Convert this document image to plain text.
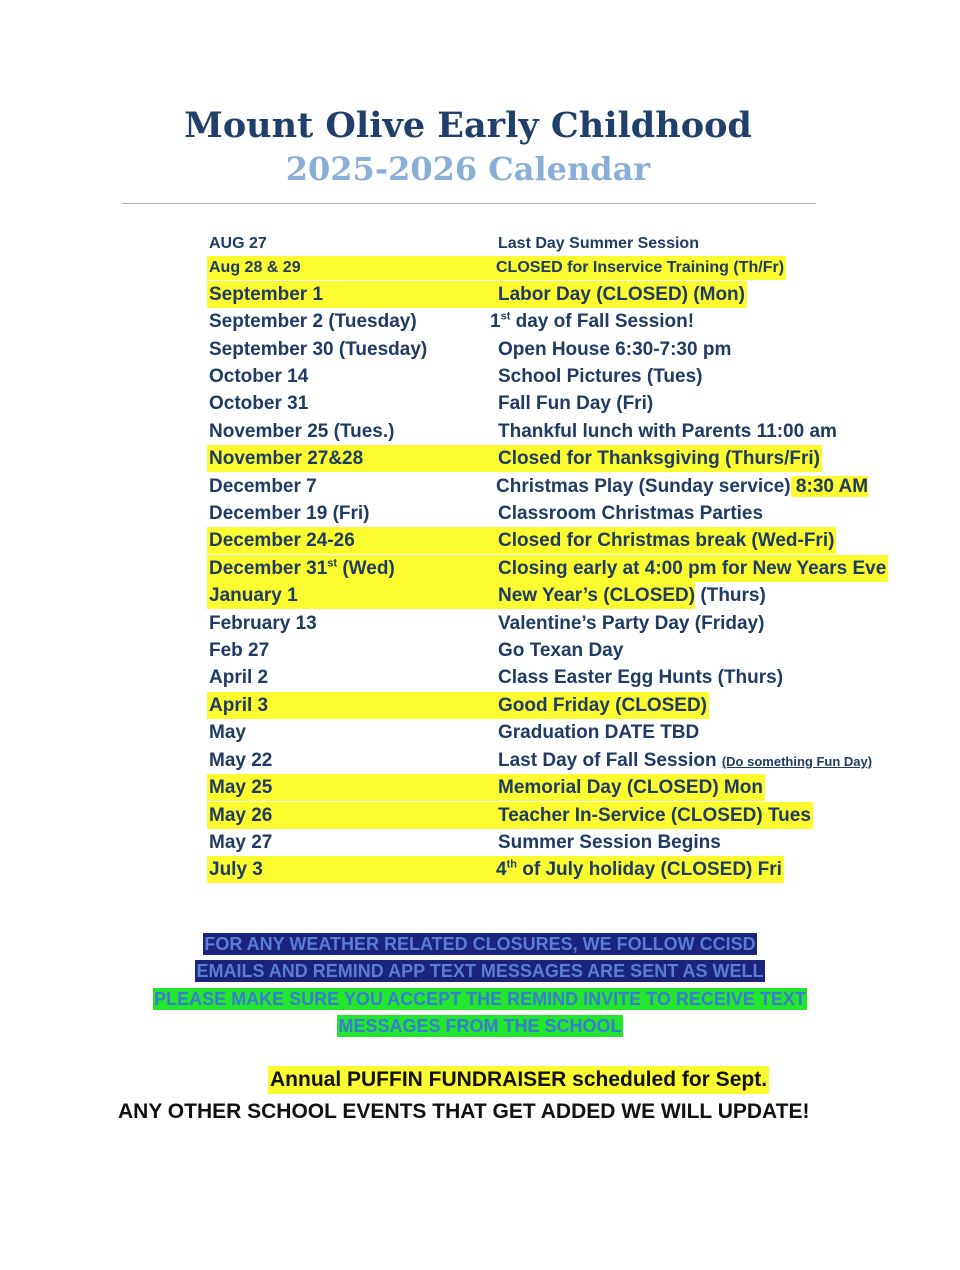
Mount Olive Early Childhood
2025-2026 Calendar
AUG 27	Last Day Summer Session
Aug 28 & 29	CLOSED for Inservice Training (Th/Fr)
September 1	Labor Day (CLOSED) (Mon)
September 2 (Tuesday)	1st day of Fall Session!
September 30 (Tuesday)	Open House 6:30-7:30 pm
October 14	School Pictures (Tues)
October 31	Fall Fun Day (Fri)
November 25 (Tues.)	Thankful lunch with Parents 11:00 am
November 27&28	Closed for Thanksgiving (Thurs/Fri)
December 7	Christmas Play (Sunday service) 8:30 AM
December 19 (Fri)	Classroom Christmas Parties
December 24-26	Closed for Christmas break (Wed-Fri)
December 31st (Wed)	Closing early at 4:00 pm for New Years Eve
January 1	New Year’s (CLOSED) (Thurs)
February 13	Valentine’s Party Day (Friday)
Feb 27	Go Texan Day
April 2	Class Easter Egg Hunts (Thurs)
April 3	Good Friday (CLOSED)
May	Graduation DATE TBD
May 22	Last Day of Fall Session (Do something Fun Day)
May 25	Memorial Day (CLOSED) Mon
May 26	Teacher In-Service (CLOSED) Tues
May 27	Summer Session Begins
July 3	4th of July holiday (CLOSED) Fri
FOR ANY WEATHER RELATED CLOSURES, WE FOLLOW CCISD
EMAILS AND REMIND APP TEXT MESSAGES ARE SENT AS WELL
PLEASE MAKE SURE YOU ACCEPT THE REMIND INVITE TO RECEIVE TEXT
MESSAGES FROM THE SCHOOL
Annual PUFFIN FUNDRAISER scheduled for Sept.
ANY OTHER SCHOOL EVENTS THAT GET ADDED WE WILL UPDATE!
